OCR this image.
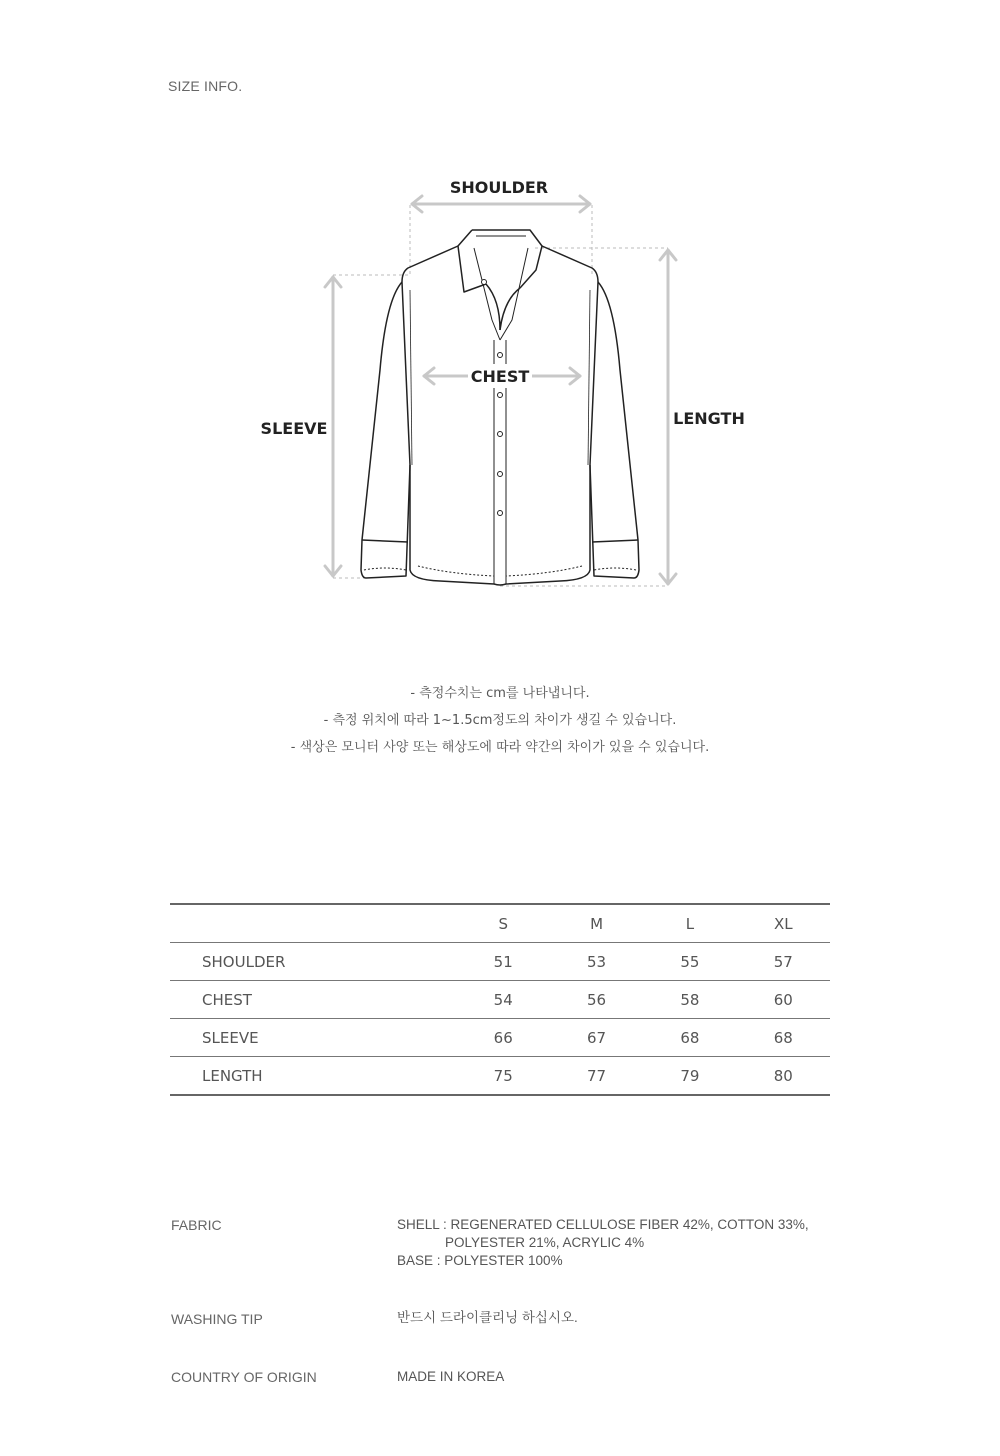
SIZE INFO.
SHOULDER
CHEST
SLEEVE
LENGTH
- 측정수치는 cm를 나타냅니다.
- 측정 위치에 따라 1~1.5cm정도의 차이가 생길 수 있습니다.
- 색상은 모니터 사양 또는 해상도에 따라 약간의 차이가 있을 수 있습니다.
	S	M	L	XL
SHOULDER	51	53	55	57
CHEST	54	56	58	60
SLEEVE	66	67	68	68
LENGTH	75	77	79	80
FABRIC	SHELL : REGENERATED CELLULOSE FIBER 42%, COTTON 33%,
POLYESTER 21%, ACRYLIC 4%
BASE : POLYESTER 100%
WASHING TIP	반드시 드라이클리닝 하십시오.
COUNTRY OF ORIGIN	MADE IN KOREA
